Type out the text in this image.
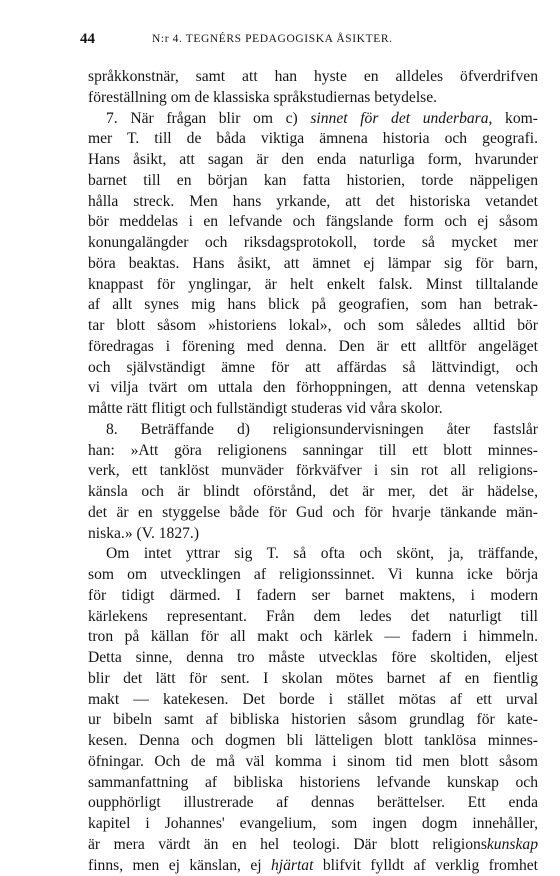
44	N:r 4. TEGNÉRS PEDAGOGISKA ÅSIKTER.
språkkonstnär, samt att han hyste en alldeles öfverdrifven
föreställning om de klassiska språkstudiernas betydelse.
7. När frågan blir om c) sinnet för det underbara, kom-
mer T. till de båda viktiga ämnena historia och geografi.
Hans åsikt, att sagan är den enda naturliga form, hvarunder
barnet till en början kan fatta historien, torde näppeligen
hålla streck. Men hans yrkande, att det historiska vetandet
bör meddelas i en lefvande och fängslande form och ej såsom
konungalängder och riksdagsprotokoll, torde så mycket mer
böra beaktas. Hans åsikt, att ämnet ej lämpar sig för barn,
knappast för ynglingar, är helt enkelt falsk. Minst tilltalande
af allt synes mig hans blick på geografien, som han betrak-
tar blott såsom »historiens lokal», och som således alltid bör
föredragas i förening med denna. Den är ett alltför angeläget
och självständigt ämne för att affärdas så lättvindigt, och
vi vilja tvärt om uttala den förhoppningen, att denna vetenskap
måtte rätt flitigt och fullständigt studeras vid våra skolor.
8. Beträffande d) religionsundervisningen åter fastslår
han: »Att göra religionens sanningar till ett blott minnes-
verk, ett tanklöst munväder förkväfver i sin rot all religions-
känsla och är blindt oförstånd, det är mer, det är hädelse,
det är en styggelse både för Gud och för hvarje tänkande män-
niska.» (V. 1827.)
Om intet yttrar sig T. så ofta och skönt, ja, träffande,
som om utvecklingen af religionssinnet. Vi kunna icke börja
för tidigt därmed. I fadern ser barnet maktens, i modern
kärlekens representant. Från dem ledes det naturligt till
tron på källan för all makt och kärlek — fadern i himmeln.
Detta sinne, denna tro måste utvecklas före skoltiden, eljest
blir det lätt för sent. I skolan mötes barnet af en fientlig
makt — katekesen. Det borde i stället mötas af ett urval
ur bibeln samt af bibliska historien såsom grundlag för kate-
kesen. Denna och dogmen bli lätteligen blott tanklösa minnes-
öfningar. Och de må väl komma i sinom tid men blott såsom
sammanfattning af bibliska historiens lefvande kunskap och
oupphörligt illustrerade af dennas berättelser. Ett enda
kapitel i Johannes' evangelium, som ingen dogm innehåller,
är mera värdt än en hel teologi. Där blott religionskunskap
finns, men ej känslan, ej hjärtat blifvit fylldt af verklig fromhet
